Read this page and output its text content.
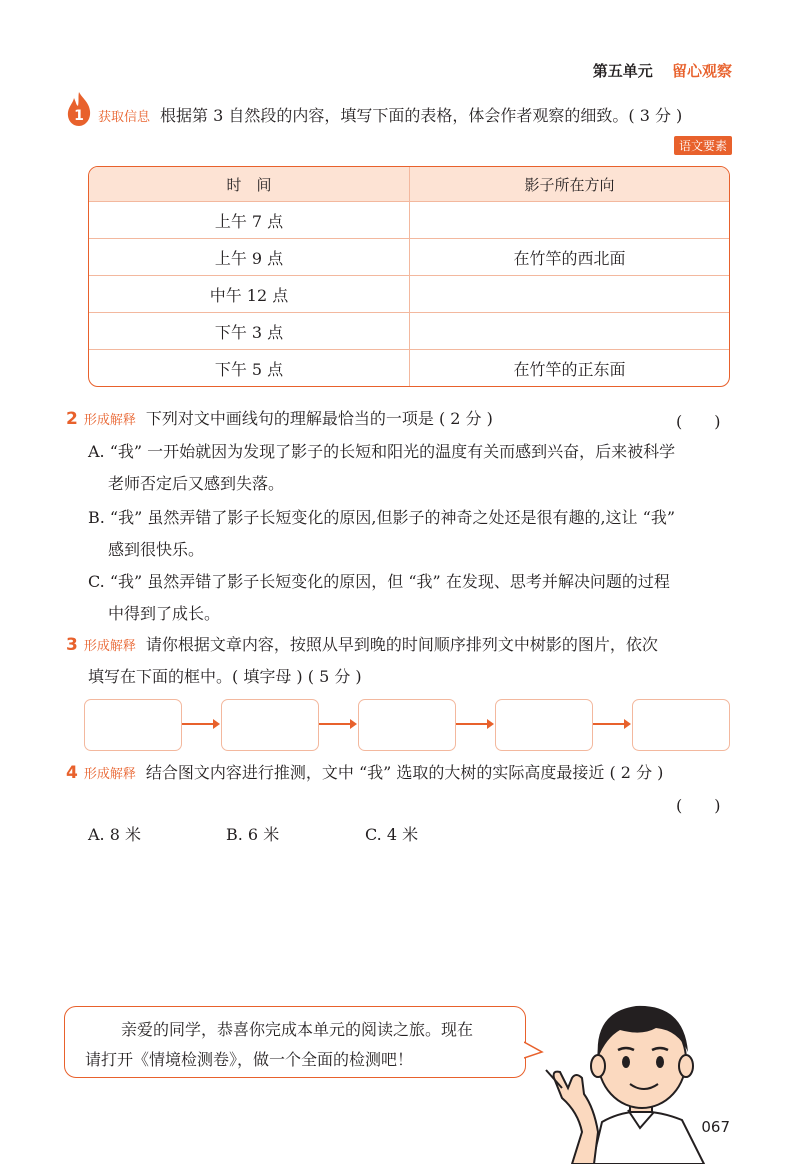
第五单元 留心观察
1 获取信息 根据第 3 自然段的内容，填写下面的表格，体会作者观察的细致。( 3 分 )
语文要素
时　间	影子所在方向
上午 7 点	
上午 9 点	在竹竿的西北面
中午 12 点	
下午 3 点	
下午 5 点	在竹竿的正东面
2 形成解释 下列对文中画线句的理解最恰当的一项是 ( 2 分 )	(　　)
A. “我” 一开始就因为发现了影子的长短和阳光的温度有关而感到兴奋，后来被科学
老师否定后又感到失落。
B. “我” 虽然弄错了影子长短变化的原因,但影子的神奇之处还是很有趣的,这让 “我”
感到很快乐。
C. “我” 虽然弄错了影子长短变化的原因，但 “我” 在发现、思考并解决问题的过程
中得到了成长。
3 形成解释 请你根据文章内容，按照从早到晚的时间顺序排列文中树影的图片，依次
填写在下面的框中。( 填字母 ) ( 5 分 )
4 形成解释 结合图文内容进行推测，文中 “我” 选取的大树的实际高度最接近 ( 2 分 )
(　　)
A. 8 米	B. 6 米	C. 4 米
亲爱的同学，恭喜你完成本单元的阅读之旅。现在
请打开《情境检测卷》，做一个全面的检测吧！
067
